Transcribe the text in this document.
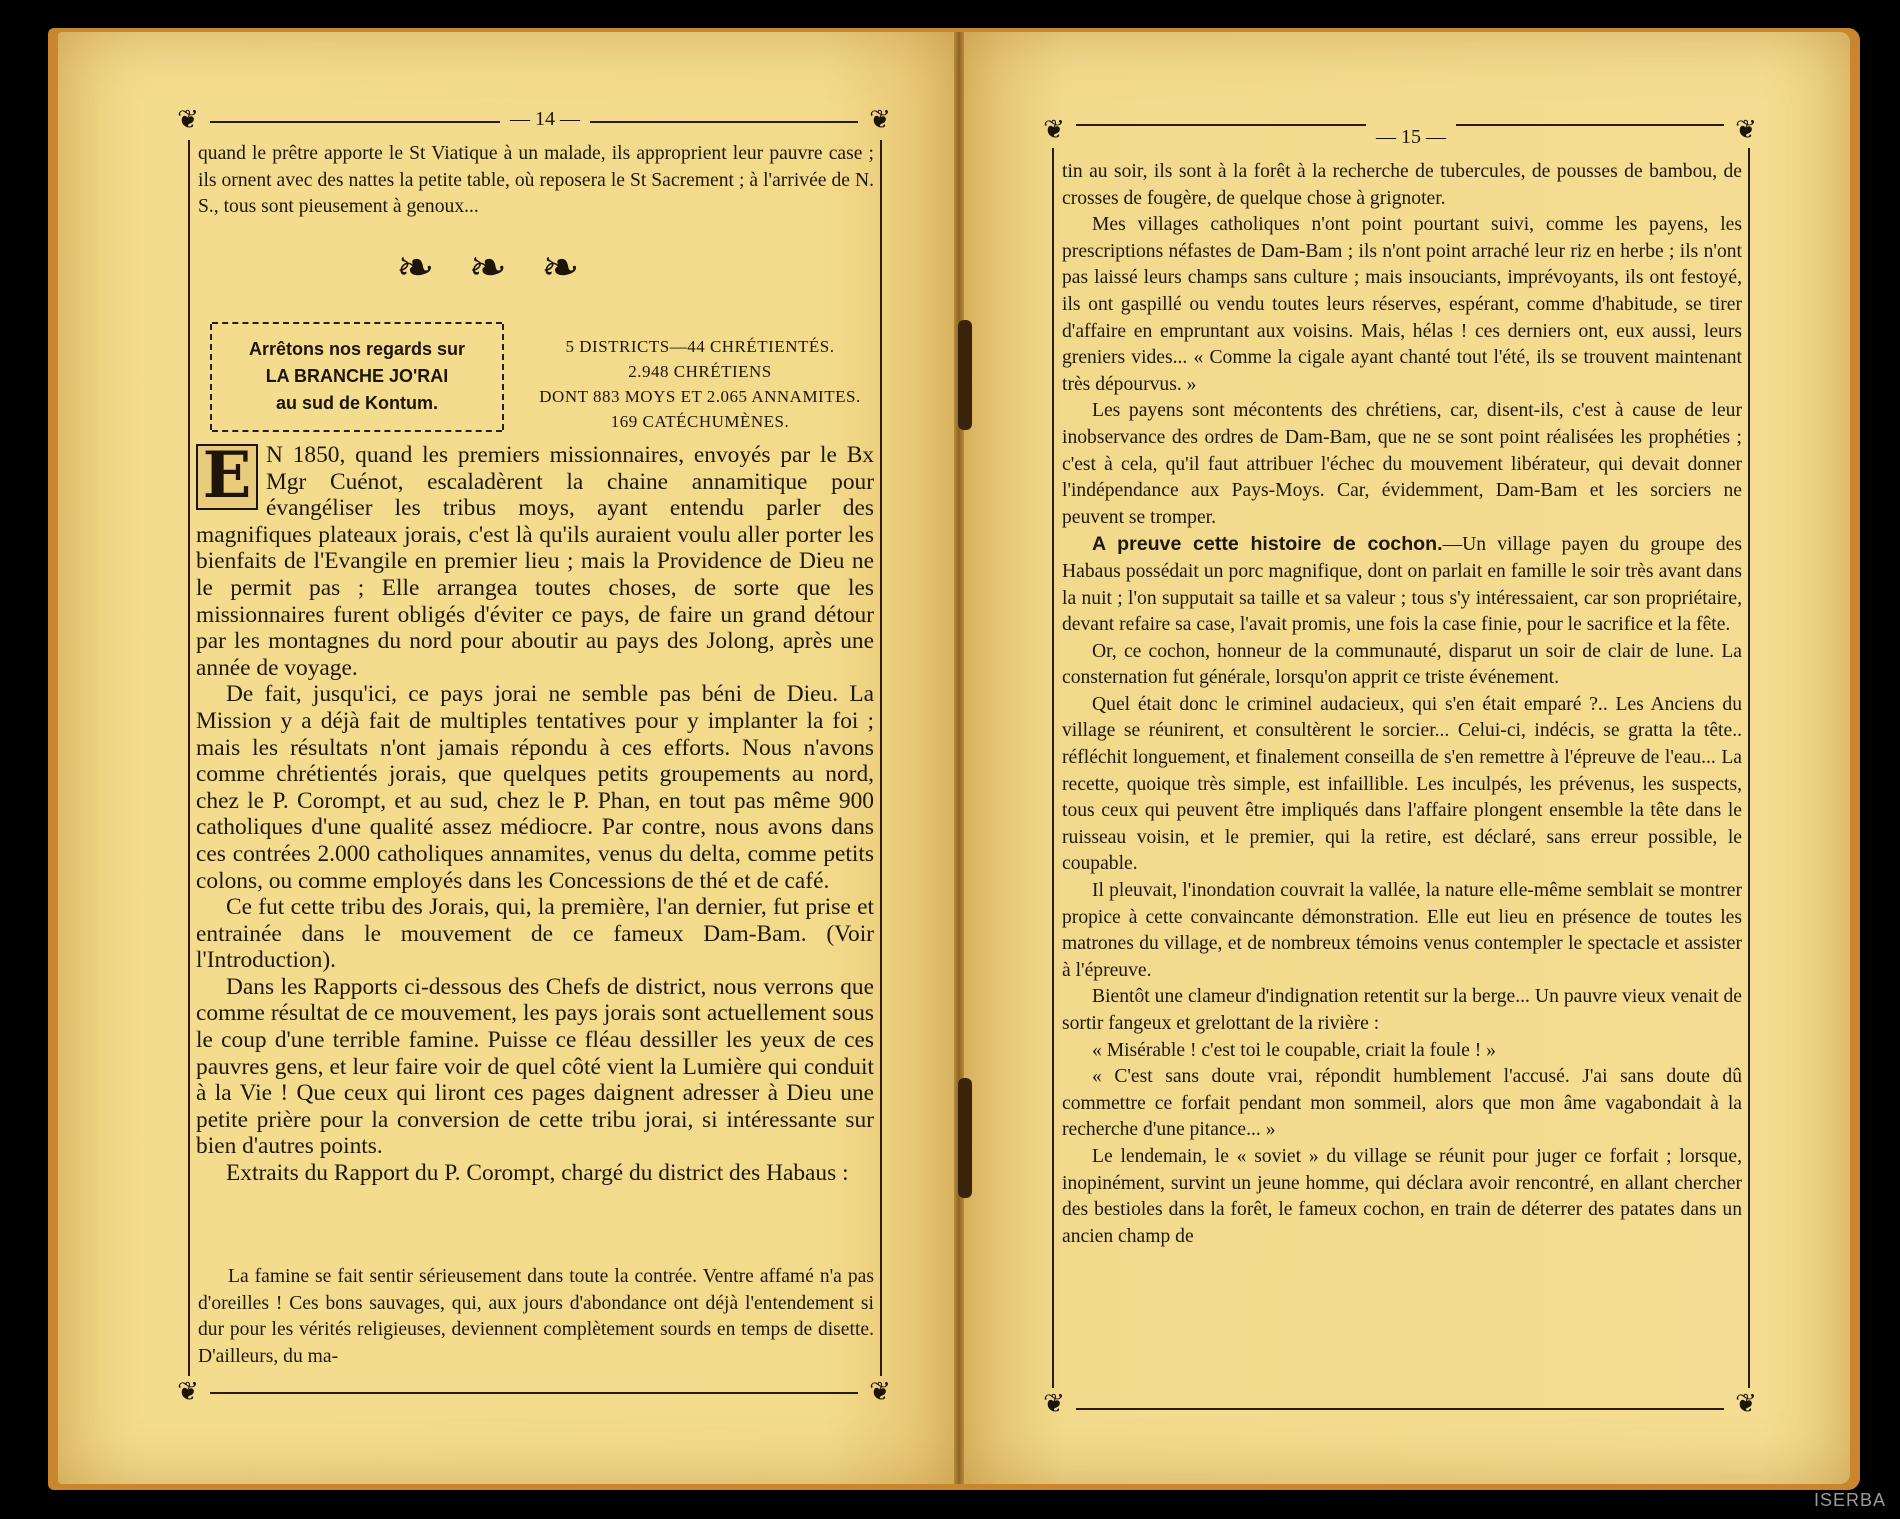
❦	❦
❦	❦
— 14 —

quand le prêtre apporte le St Viatique à un malade, ils approprient leur pauvre case ; ils ornent avec des nattes la petite table, où reposera le St Sacrement ; à l'arrivée de N. S., tous sont pieusement à genoux...

❧❧❧
Arrêtons nos regards sur
LA BRANCHE JO'RAI
au sud de Kontum.
5 DISTRICTS—44 CHRÉTIENTÉS.
2.948 CHRÉTIENS
DONT 883 MOYS ET 2.065 ANNAMITES.
169 CATÉCHUMÈNES.

E N 1850, quand les premiers missionnaires, envoyés par le Bx Mgr Cuénot, escaladèrent la chaine annamitique pour évangéliser les tribus moys, ayant entendu parler des magnifiques plateaux jorais, c'est là qu'ils auraient voulu aller porter les bienfaits de l'Evangile en premier lieu ; mais la Providence de Dieu ne le permit pas ; Elle arrangea toutes choses, de sorte que les missionnaires furent obligés d'éviter ce pays, de faire un grand détour par les montagnes du nord pour aboutir au pays des Jolong, après une année de voyage.

De fait, jusqu'ici, ce pays jorai ne semble pas béni de Dieu. La Mission y a déjà fait de multiples tentatives pour y implanter la foi ; mais les résultats n'ont jamais répondu à ces efforts. Nous n'avons comme chrétientés jorais, que quelques petits groupements au nord, chez le P. Corompt, et au sud, chez le P. Phan, en tout pas même 900 catholiques d'une qualité assez médiocre. Par contre, nous avons dans ces contrées 2.000 catholiques annamites, venus du delta, comme petits colons, ou comme employés dans les Concessions de thé et de café.

Ce fut cette tribu des Jorais, qui, la première, l'an dernier, fut prise et entrainée dans le mouvement de ce fameux Dam-Bam. (Voir l'Introduction).

Dans les Rapports ci-dessous des Chefs de district, nous verrons que comme résultat de ce mouvement, les pays jorais sont actuellement sous le coup d'une terrible famine. Puisse ce fléau dessiller les yeux de ces pauvres gens, et leur faire voir de quel côté vient la Lumière qui conduit à la Vie ! Que ceux qui liront ces pages daignent adresser à Dieu une petite prière pour la conversion de cette tribu jorai, si intéressante sur bien d'autres points.

Extraits du Rapport du P. Corompt, chargé du district des Habaus :

La famine se fait sentir sérieusement dans toute la contrée. Ventre affamé n'a pas d'oreilles ! Ces bons sauvages, qui, aux jours d'abondance ont déjà l'entendement si dur pour les vérités religieuses, deviennent complètement sourds en temps de disette. D'ailleurs, du ma-

❦	❦
❦	❦
— 15 —

tin au soir, ils sont à la forêt à la recherche de tubercules, de pousses de bambou, de crosses de fougère, de quelque chose à grignoter.

Mes villages catholiques n'ont point pourtant suivi, comme les payens, les prescriptions néfastes de Dam-Bam ; ils n'ont point arraché leur riz en herbe ; ils n'ont pas laissé leurs champs sans culture ; mais insouciants, imprévoyants, ils ont festoyé, ils ont gaspillé ou vendu toutes leurs réserves, espérant, comme d'habitude, se tirer d'affaire en empruntant aux voisins. Mais, hélas ! ces derniers ont, eux aussi, leurs greniers vides... « Comme la cigale ayant chanté tout l'été, ils se trouvent maintenant très dépourvus. »

Les payens sont mécontents des chrétiens, car, disent-ils, c'est à cause de leur inobservance des ordres de Dam-Bam, que ne se sont point réalisées les prophéties ; c'est à cela, qu'il faut attribuer l'échec du mouvement libérateur, qui devait donner l'indépendance aux Pays-Moys. Car, évidemment, Dam-Bam et les sorciers ne peuvent se tromper.

A preuve cette histoire de cochon.—Un village payen du groupe des Habaus possédait un porc magnifique, dont on parlait en famille le soir très avant dans la nuit ; l'on supputait sa taille et sa valeur ; tous s'y intéressaient, car son propriétaire, devant refaire sa case, l'avait promis, une fois la case finie, pour le sacrifice et la fête.

Or, ce cochon, honneur de la communauté, disparut un soir de clair de lune. La consternation fut générale, lorsqu'on apprit ce triste événement.

Quel était donc le criminel audacieux, qui s'en était emparé ?.. Les Anciens du village se réunirent, et consultèrent le sorcier... Celui-ci, indécis, se gratta la tête.. réfléchit longuement, et finalement conseilla de s'en remettre à l'épreuve de l'eau... La recette, quoique très simple, est infaillible. Les inculpés, les prévenus, les suspects, tous ceux qui peuvent être impliqués dans l'affaire plongent ensemble la tête dans le ruisseau voisin, et le premier, qui la retire, est déclaré, sans erreur possible, le coupable.

Il pleuvait, l'inondation couvrait la vallée, la nature elle-même semblait se montrer propice à cette convaincante démonstration. Elle eut lieu en présence de toutes les matrones du village, et de nombreux témoins venus contempler le spectacle et assister à l'épreuve.

Bientôt une clameur d'indignation retentit sur la berge... Un pauvre vieux venait de sortir fangeux et grelottant de la rivière :

« Misérable ! c'est toi le coupable, criait la foule ! »

« C'est sans doute vrai, répondit humblement l'accusé. J'ai sans doute dû commettre ce forfait pendant mon sommeil, alors que mon âme vagabondait à la recherche d'une pitance... »

Le lendemain, le « soviet » du village se réunit pour juger ce forfait ; lorsque, inopinément, survint un jeune homme, qui déclara avoir rencontré, en allant chercher des bestioles dans la forêt, le fameux cochon, en train de déterrer des patates dans un ancien champ de

ISERBA
